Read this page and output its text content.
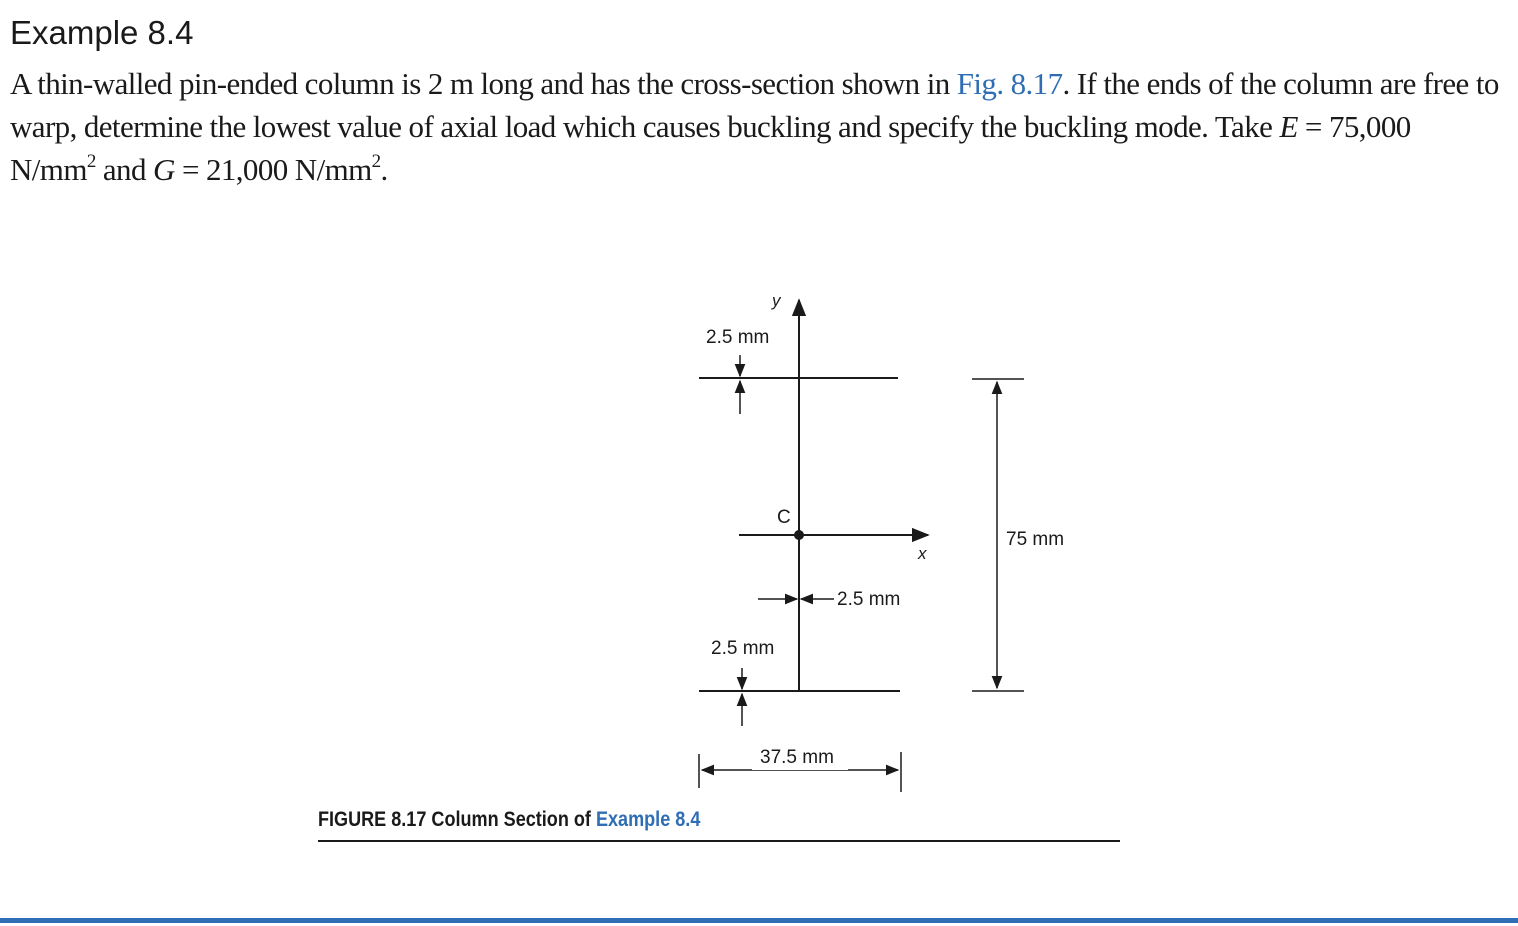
Example 8.4

A thin-walled pin-ended column is 2 m long and has the cross-section shown in Fig. 8.17. If the ends of the column are free to warp, determine the lowest value of axial load which causes buckling and specify the buckling mode. Take E = 75,000 $N/mm^2$ and G = 21,000 $N/mm^2$.

y
2.5 mm
x
C
2.5 mm
2.5 mm
75 mm
37.5 mm
FIGURE 8.17 Column Section of Example 8.4
